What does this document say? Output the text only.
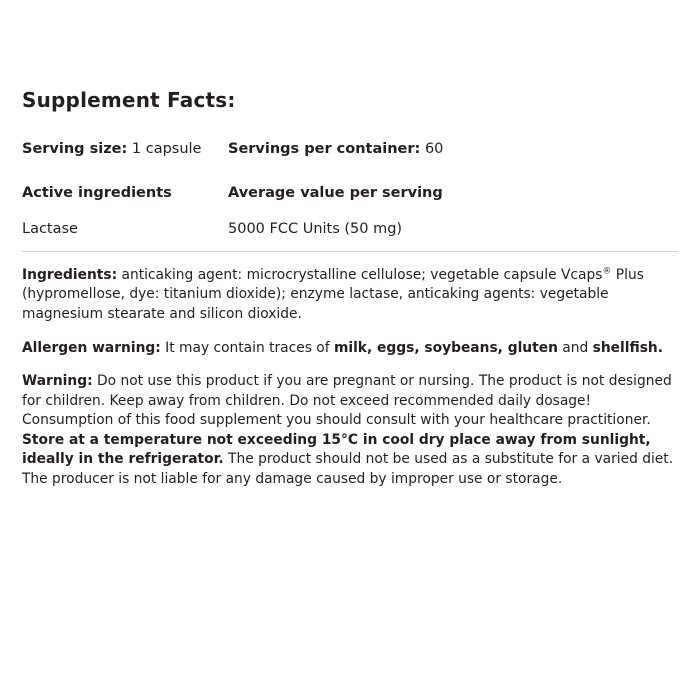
Supplement Facts:
Serving size: 1 capsule Servings per container: 60
Active ingredients	Average value per serving
Lactase	5000 FCC Units (50 mg)

Ingredients: anticaking agent: microcrystalline cellulose; vegetable capsule Vcaps® Plus (hypromellose, dye: titanium dioxide); enzyme lactase, anticaking agents: vegetable magnesium stearate and silicon dioxide.

Allergen warning: It may contain traces of milk, eggs, soybeans, gluten and shellfish.

Warning: Do not use this product if you are pregnant or nursing. The product is not designed for children. Keep away from children. Do not exceed recommended daily dosage! Consumption of this food supplement you should consult with your healthcare practitioner. Store at a temperature not exceeding 15°C in cool dry place away from sunlight, ideally in the refrigerator. The product should not be used as a substitute for a varied diet. The producer is not liable for any damage caused by improper use or storage.
